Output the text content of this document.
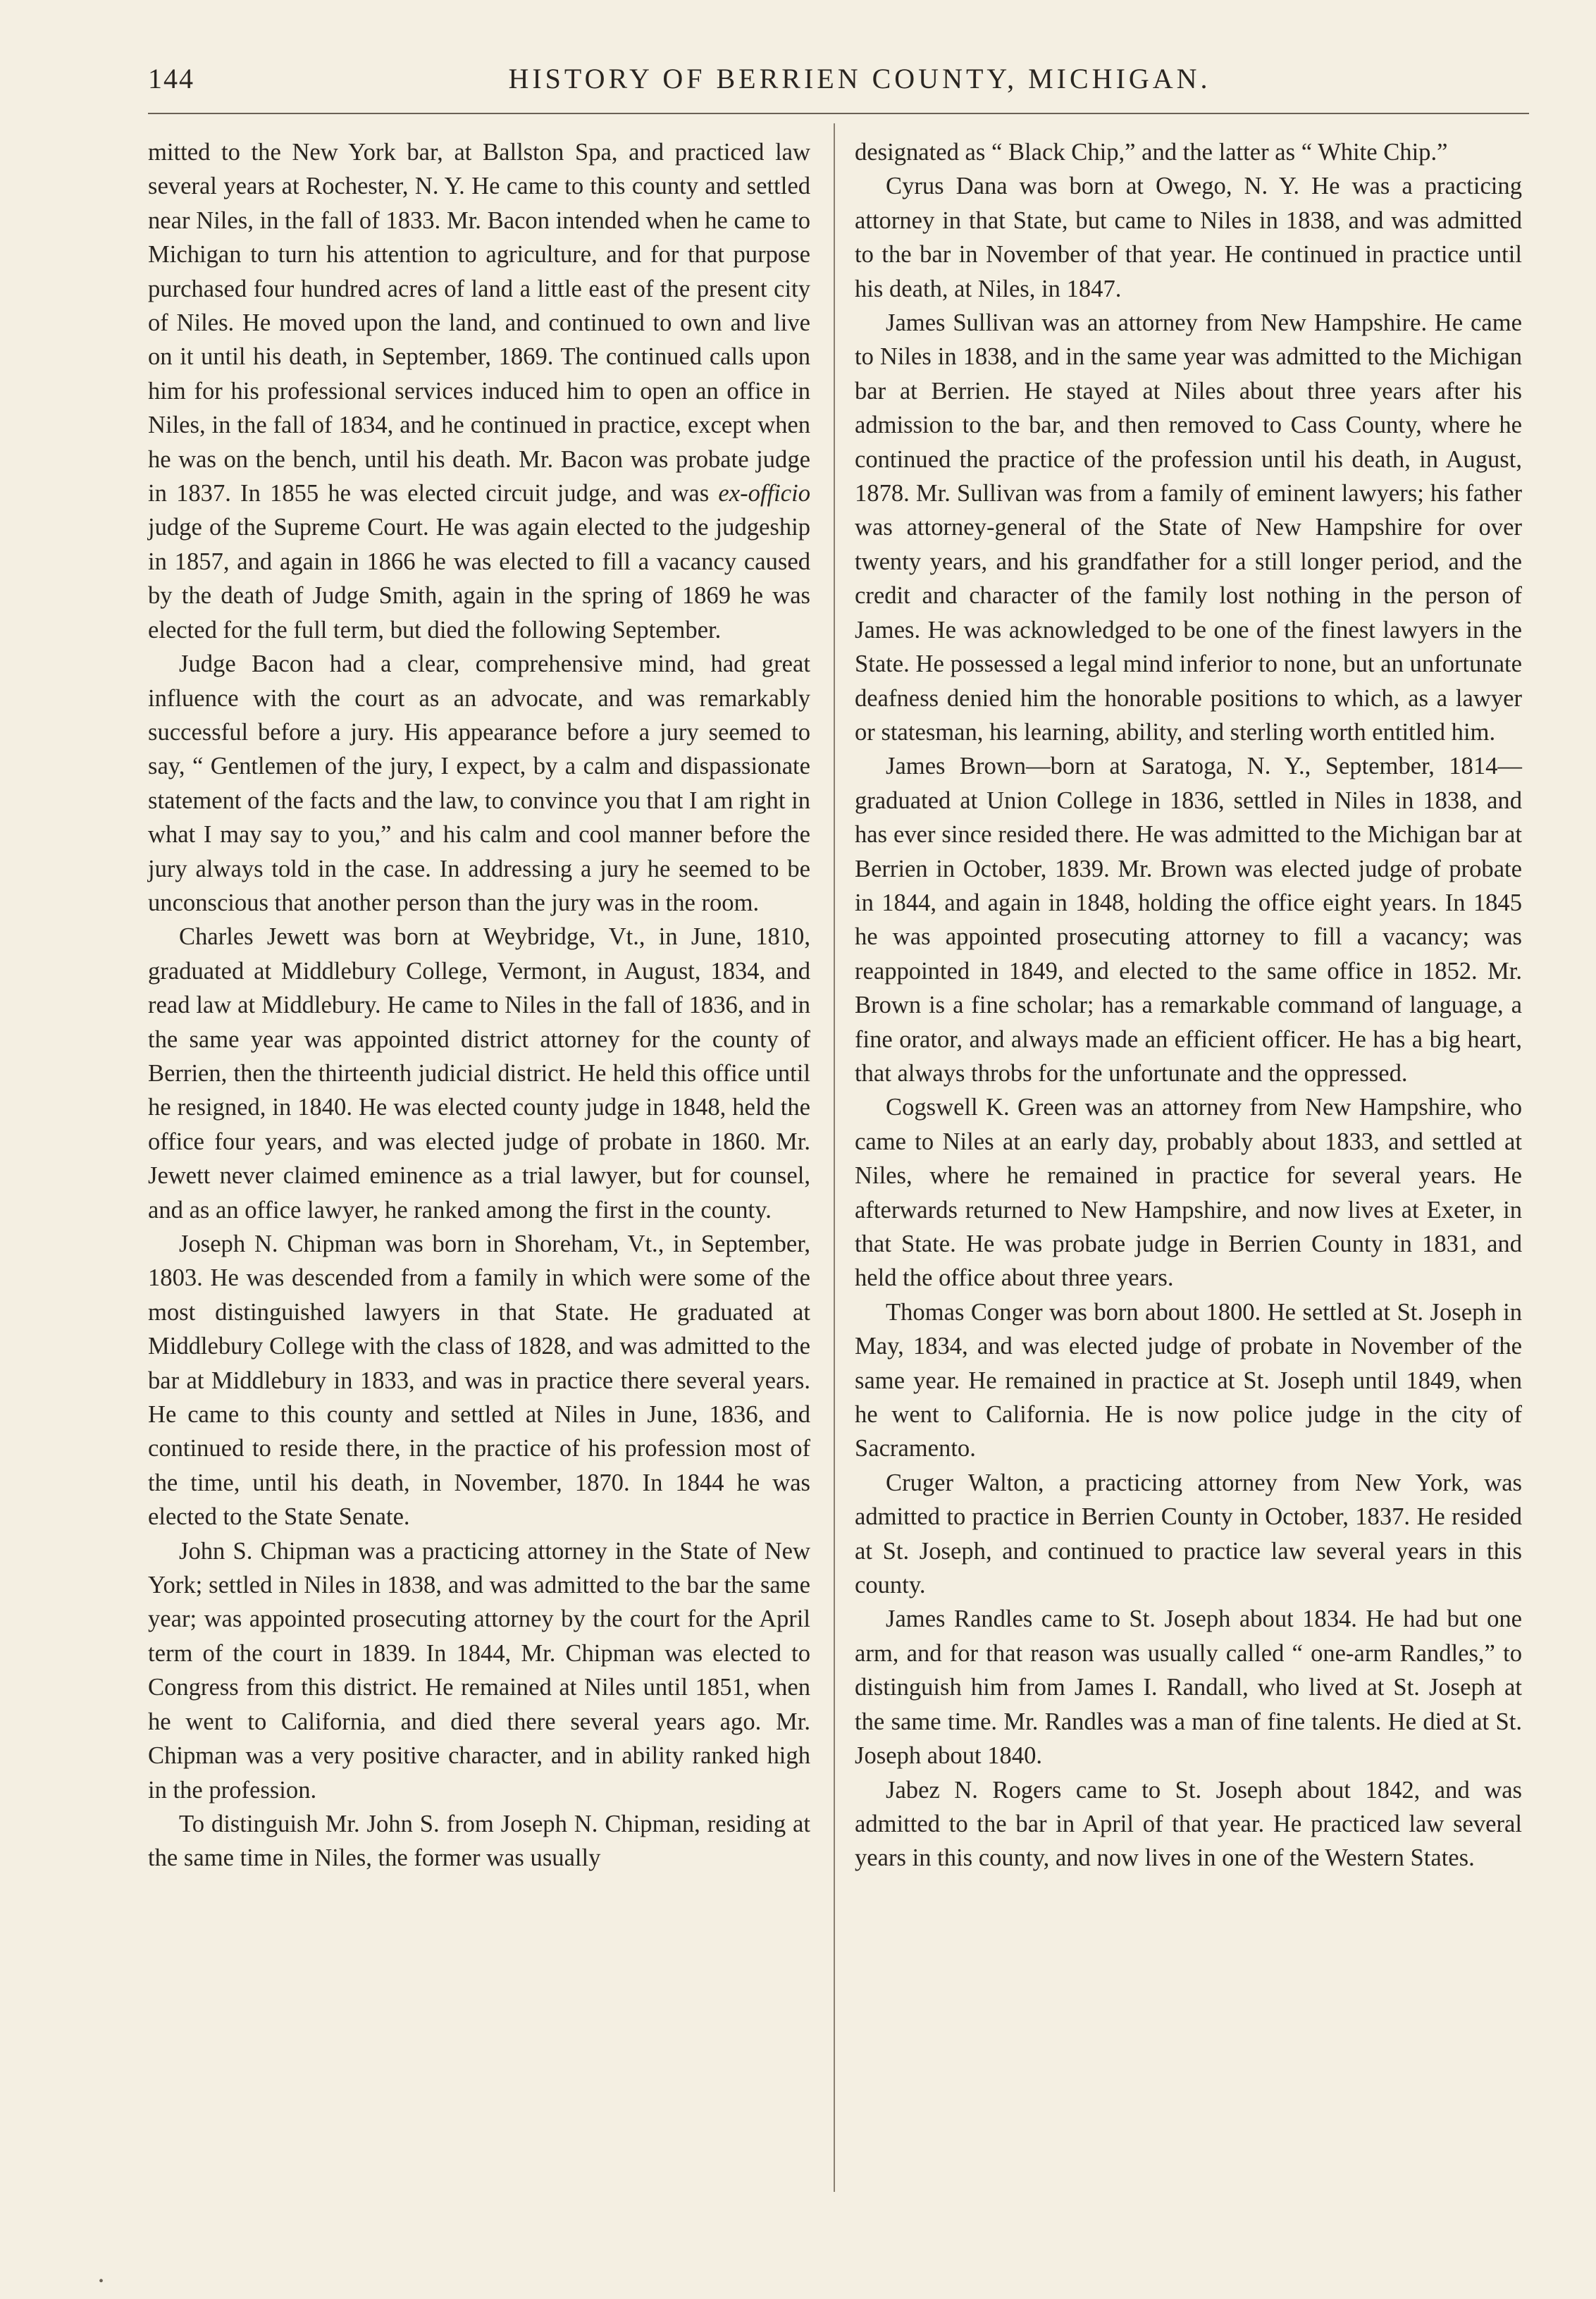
144	HISTORY OF BERRIEN COUNTY, MICHIGAN.

mitted to the New York bar, at Ballston Spa, and practiced law several years at Rochester, N. Y. He came to this county and settled near Niles, in the fall of 1833. Mr. Bacon intended when he came to Michigan to turn his attention to agriculture, and for that purpose purchased four hundred acres of land a little east of the present city of Niles. He moved upon the land, and continued to own and live on it until his death, in September, 1869. The continued calls upon him for his professional services induced him to open an office in Niles, in the fall of 1834, and he continued in practice, except when he was on the bench, until his death. Mr. Bacon was probate judge in 1837. In 1855 he was elected circuit judge, and was ex-officio judge of the Supreme Court. He was again elected to the judgeship in 1857, and again in 1866 he was elected to fill a vacancy caused by the death of Judge Smith, again in the spring of 1869 he was elected for the full term, but died the following September.

Judge Bacon had a clear, comprehensive mind, had great influence with the court as an advocate, and was remarkably successful before a jury. His appearance before a jury seemed to say, “ Gentlemen of the jury, I expect, by a calm and dispassionate statement of the facts and the law, to convince you that I am right in what I may say to you,” and his calm and cool manner before the jury always told in the case. In addressing a jury he seemed to be unconscious that another person than the jury was in the room.

Charles Jewett was born at Weybridge, Vt., in June, 1810, graduated at Middlebury College, Vermont, in August, 1834, and read law at Middlebury. He came to Niles in the fall of 1836, and in the same year was appointed district attorney for the county of Berrien, then the thirteenth judicial district. He held this office until he resigned, in 1840. He was elected county judge in 1848, held the office four years, and was elected judge of probate in 1860. Mr. Jewett never claimed eminence as a trial lawyer, but for counsel, and as an office lawyer, he ranked among the first in the county.

Joseph N. Chipman was born in Shoreham, Vt., in September, 1803. He was descended from a family in which were some of the most distinguished lawyers in that State. He graduated at Middlebury College with the class of 1828, and was admitted to the bar at Middlebury in 1833, and was in practice there several years. He came to this county and settled at Niles in June, 1836, and continued to reside there, in the practice of his profession most of the time, until his death, in November, 1870. In 1844 he was elected to the State Senate.

John S. Chipman was a practicing attorney in the State of New York; settled in Niles in 1838, and was admitted to the bar the same year; was appointed prosecuting attorney by the court for the April term of the court in 1839. In 1844, Mr. Chipman was elected to Congress from this district. He remained at Niles until 1851, when he went to California, and died there several years ago. Mr. Chipman was a very positive character, and in ability ranked high in the profession.

To distinguish Mr. John S. from Joseph N. Chipman, residing at the same time in Niles, the former was usually

designated as “ Black Chip,” and the latter as “ White Chip.”

Cyrus Dana was born at Owego, N. Y. He was a practicing attorney in that State, but came to Niles in 1838, and was admitted to the bar in November of that year. He continued in practice until his death, at Niles, in 1847.

James Sullivan was an attorney from New Hampshire. He came to Niles in 1838, and in the same year was admitted to the Michigan bar at Berrien. He stayed at Niles about three years after his admission to the bar, and then removed to Cass County, where he continued the practice of the profession until his death, in August, 1878. Mr. Sullivan was from a family of eminent lawyers; his father was attorney-general of the State of New Hampshire for over twenty years, and his grandfather for a still longer period, and the credit and character of the family lost nothing in the person of James. He was acknowledged to be one of the finest lawyers in the State. He possessed a legal mind inferior to none, but an unfortunate deafness denied him the honorable positions to which, as a lawyer or statesman, his learning, ability, and sterling worth entitled him.

James Brown—born at Saratoga, N. Y., September, 1814—graduated at Union College in 1836, settled in Niles in 1838, and has ever since resided there. He was admitted to the Michigan bar at Berrien in October, 1839. Mr. Brown was elected judge of probate in 1844, and again in 1848, holding the office eight years. In 1845 he was appointed prosecuting attorney to fill a vacancy; was reappointed in 1849, and elected to the same office in 1852. Mr. Brown is a fine scholar; has a remarkable command of language, a fine orator, and always made an efficient officer. He has a big heart, that always throbs for the unfortunate and the oppressed.

Cogswell K. Green was an attorney from New Hampshire, who came to Niles at an early day, probably about 1833, and settled at Niles, where he remained in practice for several years. He afterwards returned to New Hampshire, and now lives at Exeter, in that State. He was probate judge in Berrien County in 1831, and held the office about three years.

Thomas Conger was born about 1800. He settled at St. Joseph in May, 1834, and was elected judge of probate in November of the same year. He remained in practice at St. Joseph until 1849, when he went to California. He is now police judge in the city of Sacramento.

Cruger Walton, a practicing attorney from New York, was admitted to practice in Berrien County in October, 1837. He resided at St. Joseph, and continued to practice law several years in this county.

James Randles came to St. Joseph about 1834. He had but one arm, and for that reason was usually called “ one-arm Randles,” to distinguish him from James I. Randall, who lived at St. Joseph at the same time. Mr. Randles was a man of fine talents. He died at St. Joseph about 1840.

Jabez N. Rogers came to St. Joseph about 1842, and was admitted to the bar in April of that year. He practiced law several years in this county, and now lives in one of the Western States.

•
